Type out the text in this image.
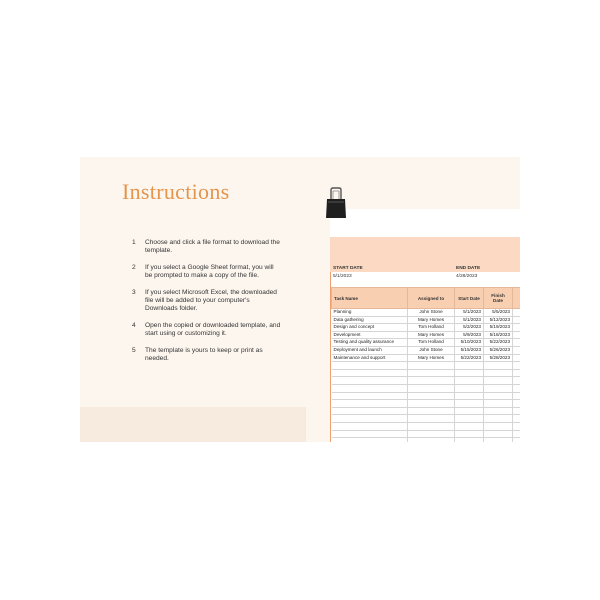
Instructions
1	Choose and click a file format to download the template.
2	If you select a Google Sheet format, you will be prompted to make a copy of the file.
3	If you select Microsoft Excel, the downloaded file will be added to your computer's Downloads folder.
4	Open the copied or downloaded template, and start using or customizing it.
5	The template is yours to keep or print as needed.
START DATE
5/1/2023
END DATE
4/28/2023
Task Name	Assigned to	Start Date	Finish Date	
Planning	John Stone	5/1/2023	5/5/2023	
Data gathering	Mary Homes	5/1/2023	5/12/2023	
Design and concept	Tom Holland	5/2/2023	5/19/2023	
Development	Mary Homes	5/9/2023	5/18/2023	
Testing and quality assurance	Tom Holland	5/10/2023	5/22/2023	
Deployment and launch	John Stone	5/15/2023	5/26/2023	
Maintenance and support	Mary Homes	5/22/2023	5/28/2023	
